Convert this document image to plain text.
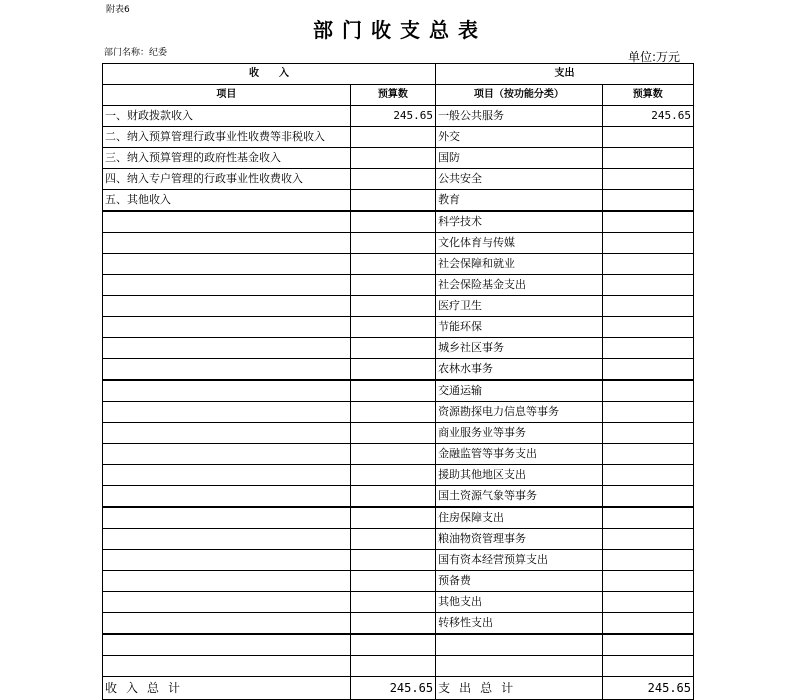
附表6
部门收支总表
部门名称：纪委	单位:万元
收　　入		支出	
项目	预算数	项目（按功能分类）	预算数
一、财政拨款收入	245.65	一般公共服务	245.65
二、纳入预算管理行政事业性收费等非税收入		外交	
三、纳入预算管理的政府性基金收入		国防	
四、纳入专户管理的行政事业性收费收入		公共安全	
五、其他收入		教育	
		科学技术	
		文化体育与传媒	
		社会保障和就业	
		社会保险基金支出	
		医疗卫生	
		节能环保	
		城乡社区事务	
		农林水事务	
		交通运输	
		资源勘探电力信息等事务	
		商业服务业等事务	
		金融监管等事务支出	
		援助其他地区支出	
		国土资源气象等事务	
		住房保障支出	
		粮油物资管理事务	
		国有资本经营预算支出	
		预备费	
		其他支出	
		转移性支出	

收入总计	245.65	支出总计	245.65
